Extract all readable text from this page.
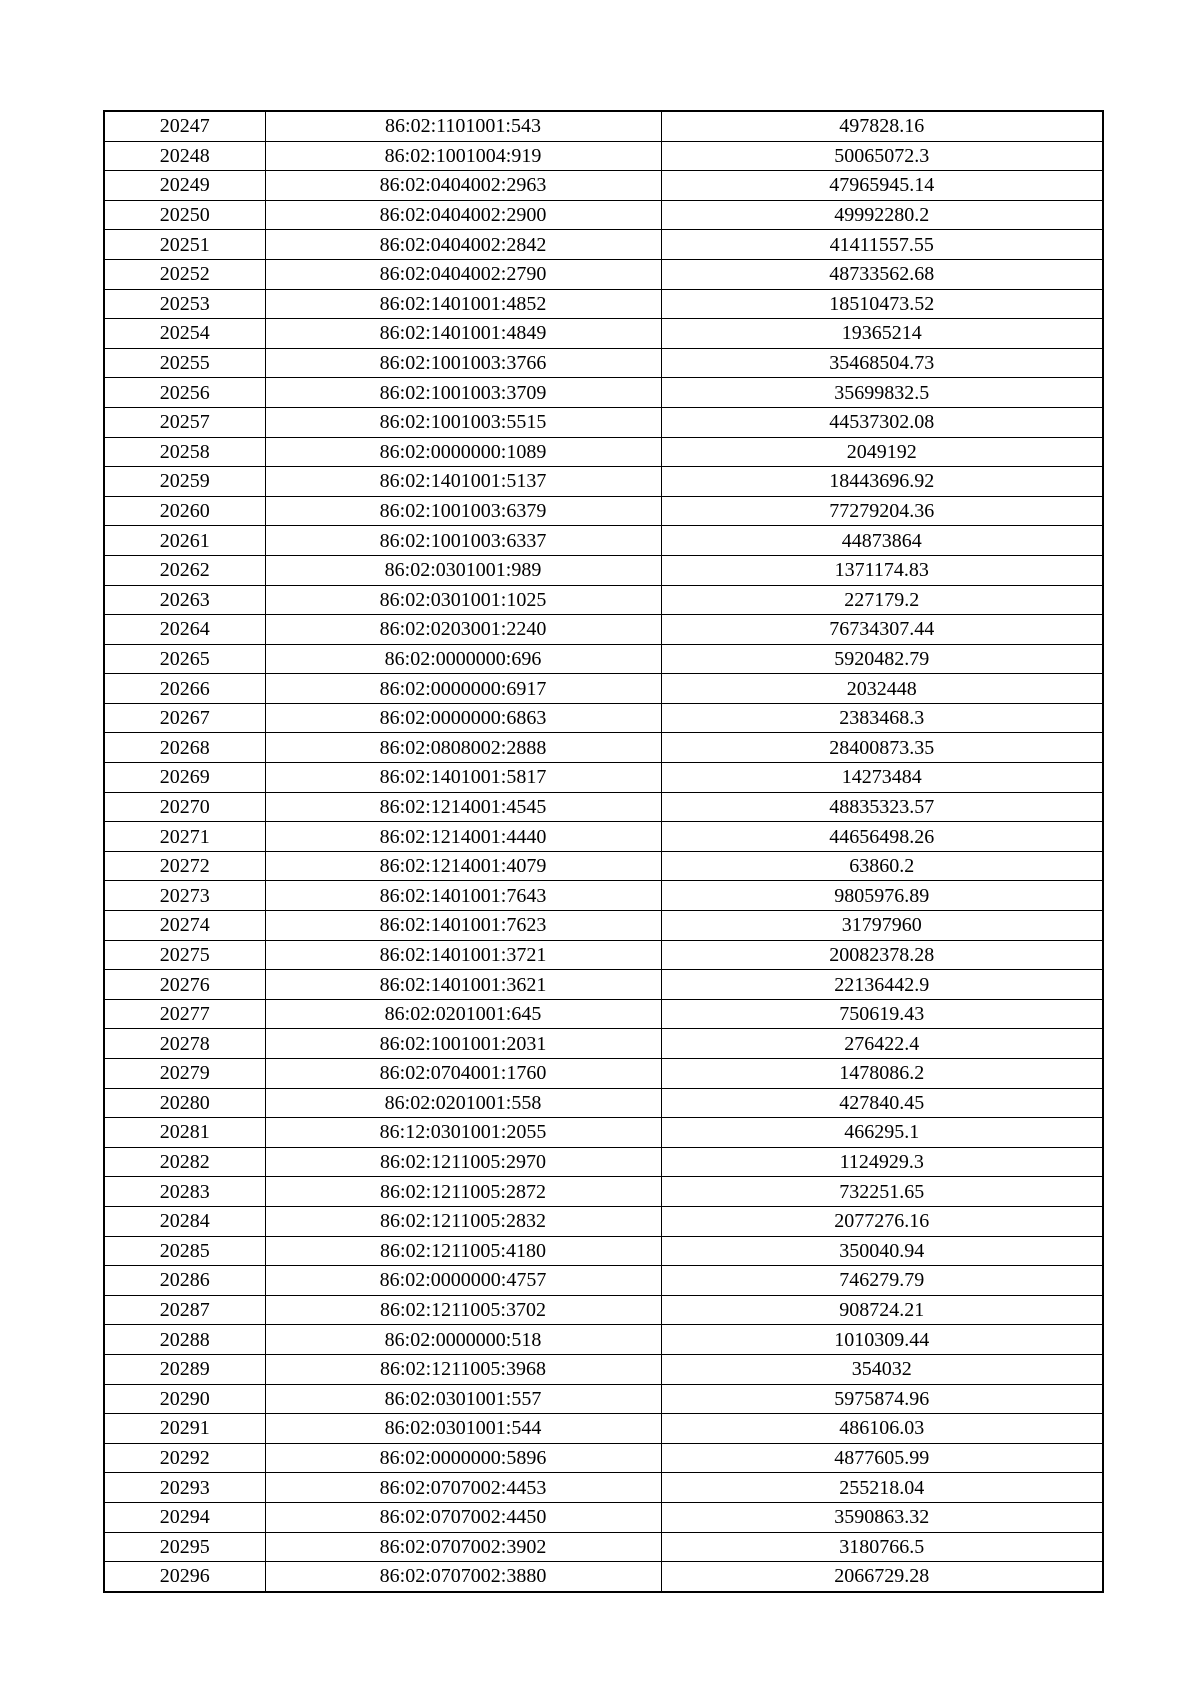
20247	86:02:1101001:543	497828.16
20248	86:02:1001004:919	50065072.3
20249	86:02:0404002:2963	47965945.14
20250	86:02:0404002:2900	49992280.2
20251	86:02:0404002:2842	41411557.55
20252	86:02:0404002:2790	48733562.68
20253	86:02:1401001:4852	18510473.52
20254	86:02:1401001:4849	19365214
20255	86:02:1001003:3766	35468504.73
20256	86:02:1001003:3709	35699832.5
20257	86:02:1001003:5515	44537302.08
20258	86:02:0000000:1089	2049192
20259	86:02:1401001:5137	18443696.92
20260	86:02:1001003:6379	77279204.36
20261	86:02:1001003:6337	44873864
20262	86:02:0301001:989	1371174.83
20263	86:02:0301001:1025	227179.2
20264	86:02:0203001:2240	76734307.44
20265	86:02:0000000:696	5920482.79
20266	86:02:0000000:6917	2032448
20267	86:02:0000000:6863	2383468.3
20268	86:02:0808002:2888	28400873.35
20269	86:02:1401001:5817	14273484
20270	86:02:1214001:4545	48835323.57
20271	86:02:1214001:4440	44656498.26
20272	86:02:1214001:4079	63860.2
20273	86:02:1401001:7643	9805976.89
20274	86:02:1401001:7623	31797960
20275	86:02:1401001:3721	20082378.28
20276	86:02:1401001:3621	22136442.9
20277	86:02:0201001:645	750619.43
20278	86:02:1001001:2031	276422.4
20279	86:02:0704001:1760	1478086.2
20280	86:02:0201001:558	427840.45
20281	86:12:0301001:2055	466295.1
20282	86:02:1211005:2970	1124929.3
20283	86:02:1211005:2872	732251.65
20284	86:02:1211005:2832	2077276.16
20285	86:02:1211005:4180	350040.94
20286	86:02:0000000:4757	746279.79
20287	86:02:1211005:3702	908724.21
20288	86:02:0000000:518	1010309.44
20289	86:02:1211005:3968	354032
20290	86:02:0301001:557	5975874.96
20291	86:02:0301001:544	486106.03
20292	86:02:0000000:5896	4877605.99
20293	86:02:0707002:4453	255218.04
20294	86:02:0707002:4450	3590863.32
20295	86:02:0707002:3902	3180766.5
20296	86:02:0707002:3880	2066729.28
